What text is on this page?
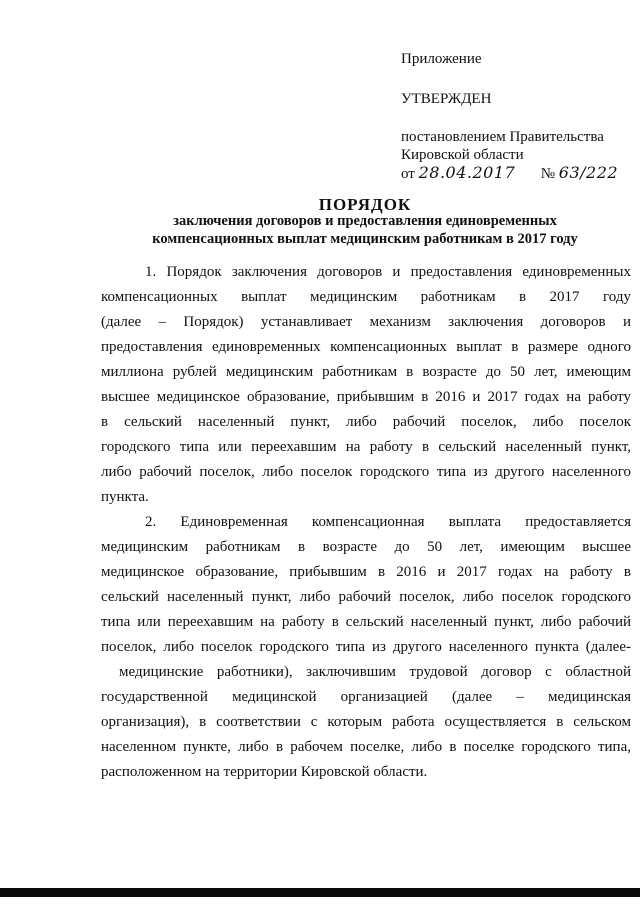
Приложение
УТВЕРЖДЕН
постановлением Правительства
Кировской области
от 28.04.2017 № 63/222
ПОРЯДОК
заключения договоров и предоставления единовременных
компенсационных выплат медицинским работникам в 2017 году

1. Порядок заключения договоров и предоставления единовременных

компенсационных выплат медицинским работникам в 2017 году

(далее – Порядок) устанавливает механизм заключения договоров и

предоставления единовременных компенсационных выплат в размере одного

миллиона рублей медицинским работникам в возрасте до 50 лет, имеющим

высшее медицинское образование, прибывшим в 2016 и 2017 годах на работу

в сельский населенный пункт, либо рабочий поселок, либо поселок

городского типа или переехавшим на работу в сельский населенный пункт,

либо рабочий поселок, либо поселок городского типа из другого населенного

пункта.

2. Единовременная компенсационная выплата предоставляется

медицинским работникам в возрасте до 50 лет, имеющим высшее

медицинское образование, прибывшим в 2016 и 2017 годах на работу в

сельский населенный пункт, либо рабочий поселок, либо поселок городского

типа или переехавшим на работу в сельский населенный пункт, либо рабочий

поселок, либо поселок городского типа из другого населенного пункта (далее-

медицинские работники), заключившим трудовой договор с областной

государственной медицинской организацией (далее – медицинская

организация), в соответствии с которым работа осуществляется в сельском

населенном пункте, либо в рабочем поселке, либо в поселке городского типа,

расположенном на территории Кировской области.
